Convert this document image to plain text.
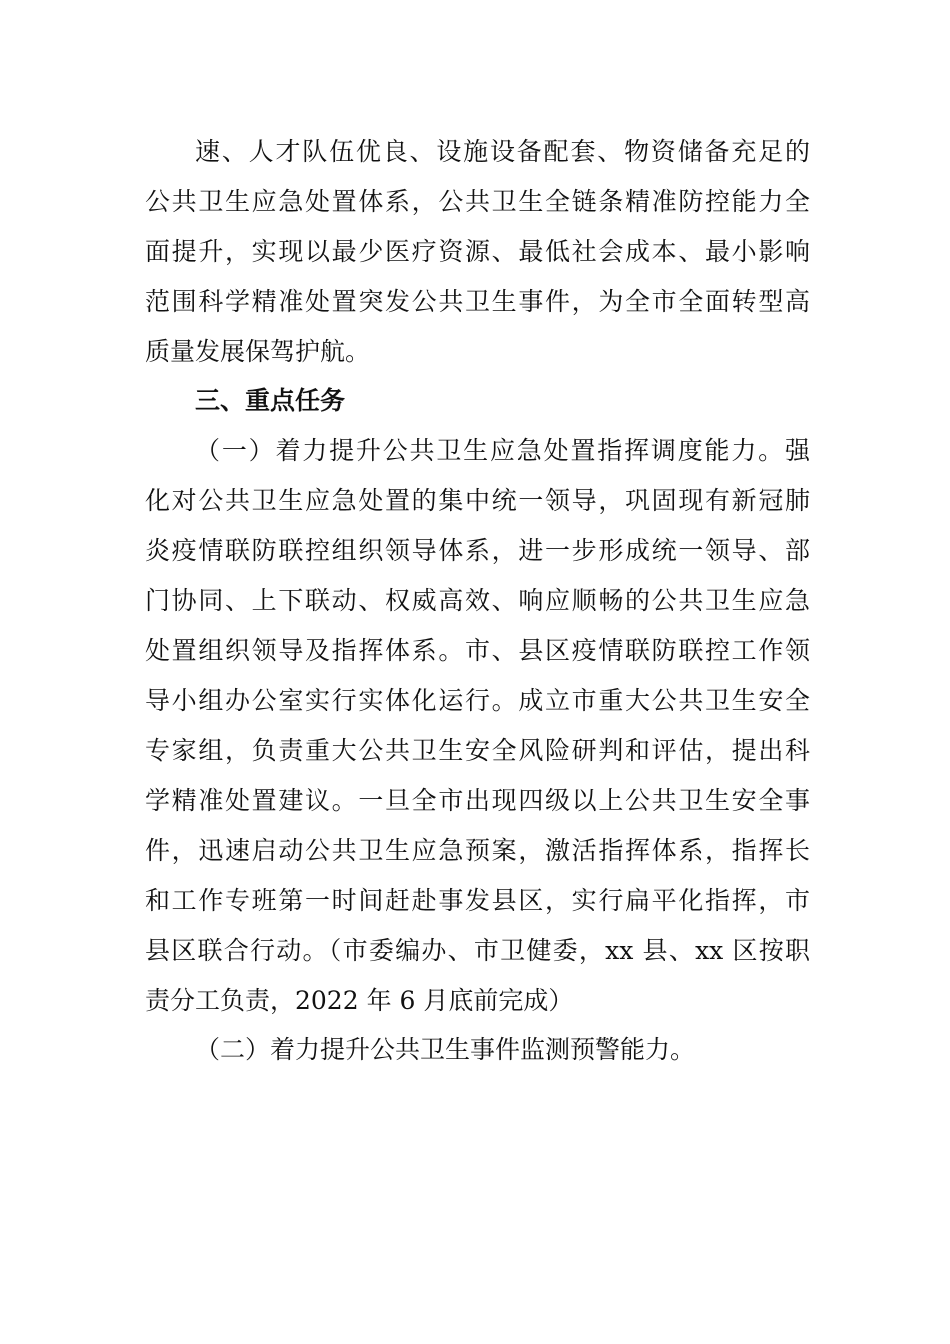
速、人才队伍优良、设施设备配套、物资储备充足的
公共卫生应急处置体系，公共卫生全链条精准防控能力全
面提升，实现以最少医疗资源、最低社会成本、最小影响
范围科学精准处置突发公共卫生事件，为全市全面转型高
质量发展保驾护航。
三、重点任务
（一）着力提升公共卫生应急处置指挥调度能力。强
化对公共卫生应急处置的集中统一领导，巩固现有新冠肺
炎疫情联防联控组织领导体系，进一步形成统一领导、部
门协同、上下联动、权威高效、响应顺畅的公共卫生应急
处置组织领导及指挥体系。市、县区疫情联防联控工作领
导小组办公室实行实体化运行。成立市重大公共卫生安全
专家组，负责重大公共卫生安全风险研判和评估，提出科
学精准处置建议。一旦全市出现四级以上公共卫生安全事
件，迅速启动公共卫生应急预案，激活指挥体系，指挥长
和工作专班第一时间赶赴事发县区，实行扁平化指挥，市
县区联合行动。（市委编办、市卫健委，xx 县、xx 区按职
责分工负责，2022 年 6 月底前完成）
（二）着力提升公共卫生事件监测预警能力。
